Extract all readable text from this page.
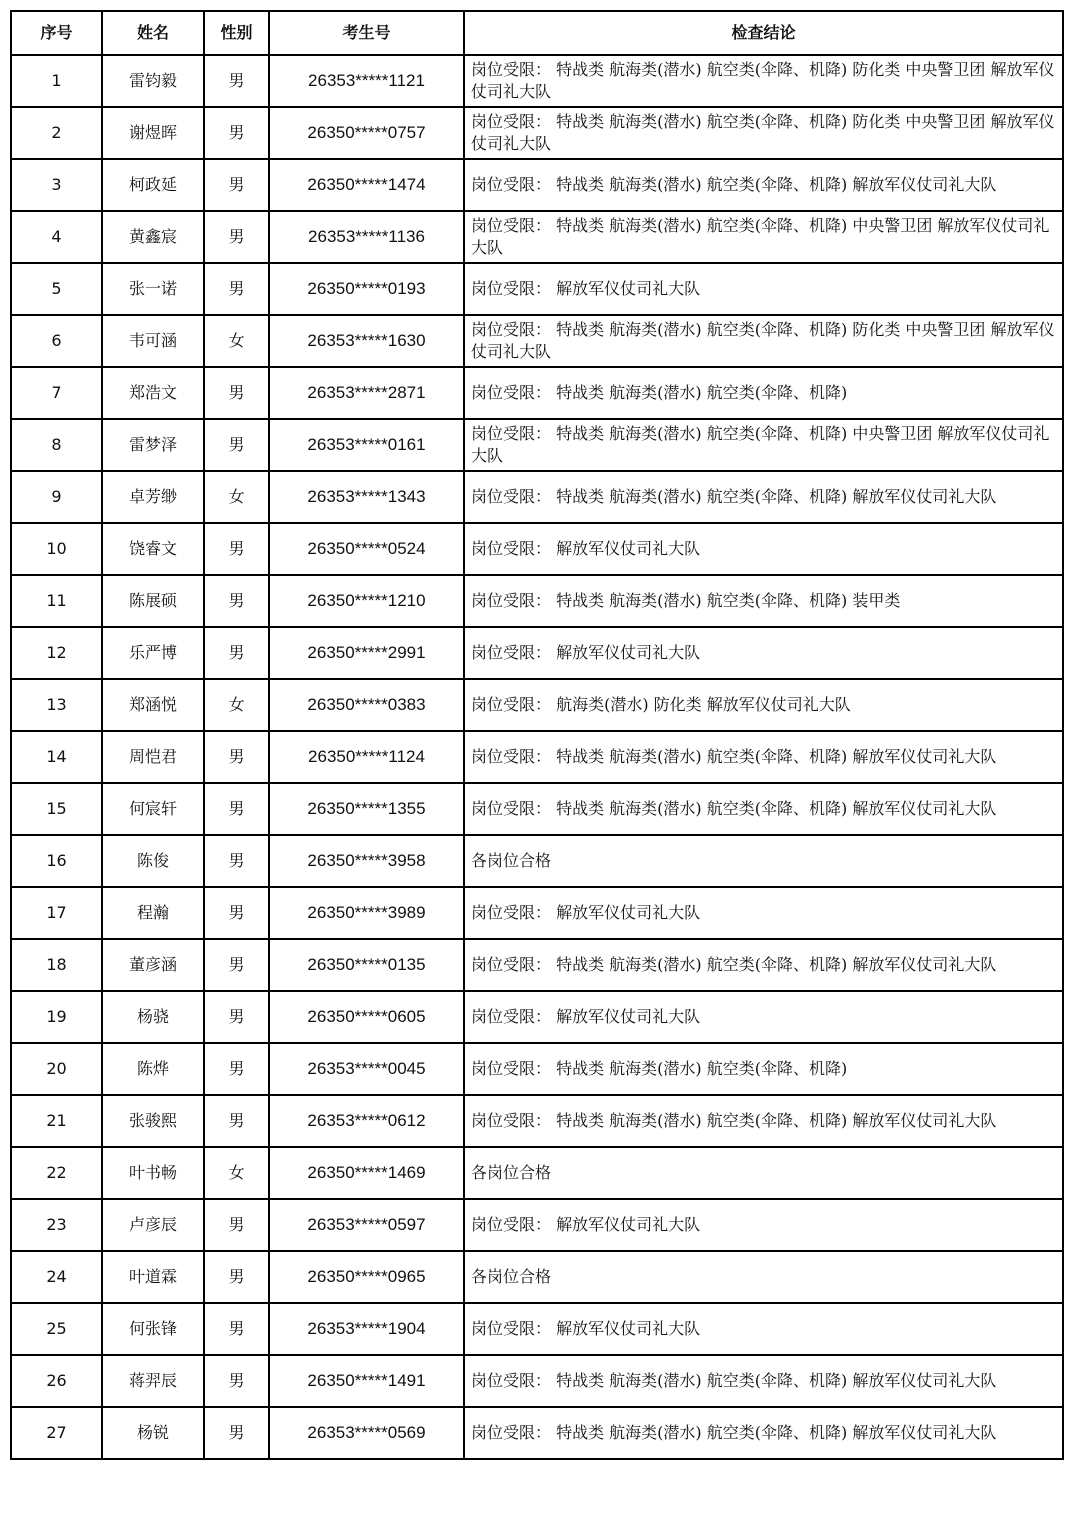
序号	姓名	性别	考生号	检查结论
1	雷钧毅	男	26353*****1121	岗位受限： 特战类 航海类(潜水) 航空类(伞降、机降) 防化类 中央警卫团 解放军仪仗司礼大队
2	谢煜晖	男	26350*****0757	岗位受限： 特战类 航海类(潜水) 航空类(伞降、机降) 防化类 中央警卫团 解放军仪仗司礼大队
3	柯政延	男	26350*****1474	岗位受限： 特战类 航海类(潜水) 航空类(伞降、机降) 解放军仪仗司礼大队
4	黄鑫宸	男	26353*****1136	岗位受限： 特战类 航海类(潜水) 航空类(伞降、机降) 中央警卫团 解放军仪仗司礼大队
5	张一诺	男	26350*****0193	岗位受限： 解放军仪仗司礼大队
6	韦可涵	女	26353*****1630	岗位受限： 特战类 航海类(潜水) 航空类(伞降、机降) 防化类 中央警卫团 解放军仪仗司礼大队
7	郑浩文	男	26353*****2871	岗位受限： 特战类 航海类(潜水) 航空类(伞降、机降)
8	雷梦泽	男	26353*****0161	岗位受限： 特战类 航海类(潜水) 航空类(伞降、机降) 中央警卫团 解放军仪仗司礼大队
9	卓芳缈	女	26353*****1343	岗位受限： 特战类 航海类(潜水) 航空类(伞降、机降) 解放军仪仗司礼大队
10	饶睿文	男	26350*****0524	岗位受限： 解放军仪仗司礼大队
11	陈展硕	男	26350*****1210	岗位受限： 特战类 航海类(潜水) 航空类(伞降、机降) 装甲类
12	乐严博	男	26350*****2991	岗位受限： 解放军仪仗司礼大队
13	郑涵悦	女	26350*****0383	岗位受限： 航海类(潜水) 防化类 解放军仪仗司礼大队
14	周恺君	男	26350*****1124	岗位受限： 特战类 航海类(潜水) 航空类(伞降、机降) 解放军仪仗司礼大队
15	何宸轩	男	26350*****1355	岗位受限： 特战类 航海类(潜水) 航空类(伞降、机降) 解放军仪仗司礼大队
16	陈俊	男	26350*****3958	各岗位合格
17	程瀚	男	26350*****3989	岗位受限： 解放军仪仗司礼大队
18	董彦涵	男	26350*****0135	岗位受限： 特战类 航海类(潜水) 航空类(伞降、机降) 解放军仪仗司礼大队
19	杨骁	男	26350*****0605	岗位受限： 解放军仪仗司礼大队
20	陈烨	男	26353*****0045	岗位受限： 特战类 航海类(潜水) 航空类(伞降、机降)
21	张骏熙	男	26353*****0612	岗位受限： 特战类 航海类(潜水) 航空类(伞降、机降) 解放军仪仗司礼大队
22	叶书畅	女	26350*****1469	各岗位合格
23	卢彦辰	男	26353*****0597	岗位受限： 解放军仪仗司礼大队
24	叶道霖	男	26350*****0965	各岗位合格
25	何张锋	男	26353*****1904	岗位受限： 解放军仪仗司礼大队
26	蒋羿辰	男	26350*****1491	岗位受限： 特战类 航海类(潜水) 航空类(伞降、机降) 解放军仪仗司礼大队
27	杨锐	男	26353*****0569	岗位受限： 特战类 航海类(潜水) 航空类(伞降、机降) 解放军仪仗司礼大队
